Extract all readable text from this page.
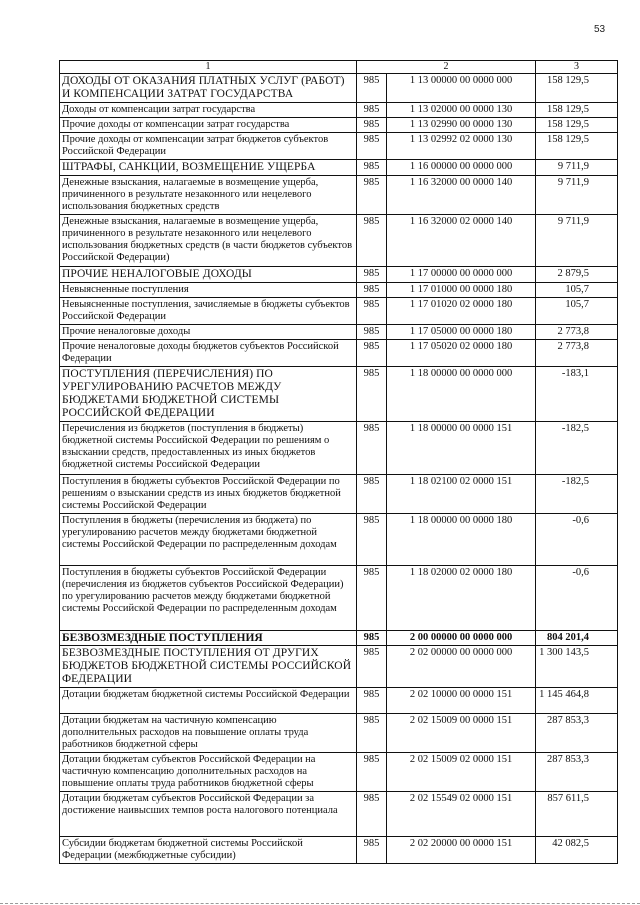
53
1	2		3
ДОХОДЫ ОТ ОКАЗАНИЯ ПЛАТНЫХ УСЛУГ (РАБОТ) И КОМПЕНСАЦИИ ЗАТРАТ ГОСУДАРСТВА	985	1 13 00000 00 0000 000	158 129,5
Доходы от компенсации затрат государства	985	1 13 02000 00 0000 130	158 129,5
Прочие доходы от компенсации затрат государства	985	1 13 02990 00 0000 130	158 129,5
Прочие доходы от компенсации затрат бюджетов субъектов Российской Федерации	985	1 13 02992 02 0000 130	158 129,5
ШТРАФЫ, САНКЦИИ, ВОЗМЕЩЕНИЕ УЩЕРБА	985	1 16 00000 00 0000 000	9 711,9
Денежные взыскания, налагаемые в возмещение ущерба, причиненного в результате незаконного или нецелевого использования бюджетных средств	985	1 16 32000 00 0000 140	9 711,9
Денежные взыскания, налагаемые в возмещение ущерба, причиненного в результате незаконного или нецелевого использования бюджетных средств (в части бюджетов субъектов Российской Федерации)	985	1 16 32000 02 0000 140	9 711,9
ПРОЧИЕ НЕНАЛОГОВЫЕ ДОХОДЫ	985	1 17 00000 00 0000 000	2 879,5
Невыясненные поступления	985	1 17 01000 00 0000 180	105,7
Невыясненные поступления, зачисляемые в бюджеты субъектов Российской Федерации	985	1 17 01020 02 0000 180	105,7
Прочие неналоговые доходы	985	1 17 05000 00 0000 180	2 773,8
Прочие неналоговые доходы бюджетов субъектов Российской Федерации	985	1 17 05020 02 0000 180	2 773,8
ПОСТУПЛЕНИЯ (ПЕРЕЧИСЛЕНИЯ) ПО УРЕГУЛИРОВАНИЮ РАСЧЕТОВ МЕЖДУ БЮДЖЕТАМИ БЮДЖЕТНОЙ СИСТЕМЫ РОССИЙСКОЙ ФЕДЕРАЦИИ	985	1 18 00000 00 0000 000	-183,1
Перечисления из бюджетов (поступления в бюджеты) бюджетной системы Российской Федерации по решениям о взыскании средств, предоставленных из иных бюджетов бюджетной системы Российской Федерации	985	1 18 00000 00 0000 151	-182,5
Поступления в бюджеты субъектов Российской Федерации по решениям о взыскании средств из иных бюджетов бюджетной системы Российской Федерации	985	1 18 02100 02 0000 151	-182,5
Поступления в бюджеты (перечисления из бюджета) по урегулированию расчетов между бюджетами бюджетной системы Российской Федерации по распределенным доходам	985	1 18 00000 00 0000 180	-0,6
Поступления в бюджеты субъектов Российской Федерации (перечисления из бюджетов субъектов Российской Федерации) по урегулированию расчетов между бюджетами бюджетной системы Российской Федерации по распределенным доходам	985	1 18 02000 02 0000 180	-0,6
БЕЗВОЗМЕЗДНЫЕ ПОСТУПЛЕНИЯ	985	2 00 00000 00 0000 000	804 201,4
БЕЗВОЗМЕЗДНЫЕ ПОСТУПЛЕНИЯ ОТ ДРУГИХ БЮДЖЕТОВ БЮДЖЕТНОЙ СИСТЕМЫ РОССИЙСКОЙ ФЕДЕРАЦИИ	985	2 02 00000 00 0000 000	1 300 143,5
Дотации бюджетам бюджетной системы Российской Федерации	985	2 02 10000 00 0000 151	1 145 464,8
Дотации бюджетам на частичную компенсацию дополнительных расходов на повышение оплаты труда работников бюджетной сферы	985	2 02 15009 00 0000 151	287 853,3
Дотации бюджетам субъектов Российской Федерации на частичную компенсацию дополнительных расходов на повышение оплаты труда работников бюджетной сферы	985	2 02 15009 02 0000 151	287 853,3
Дотации бюджетам субъектов Российской Федерации за достижение наивысших темпов роста налогового потенциала	985	2 02 15549 02 0000 151	857 611,5
Субсидии бюджетам бюджетной системы Российской Федерации (межбюджетные субсидии)	985	2 02 20000 00 0000 151	42 082,5
